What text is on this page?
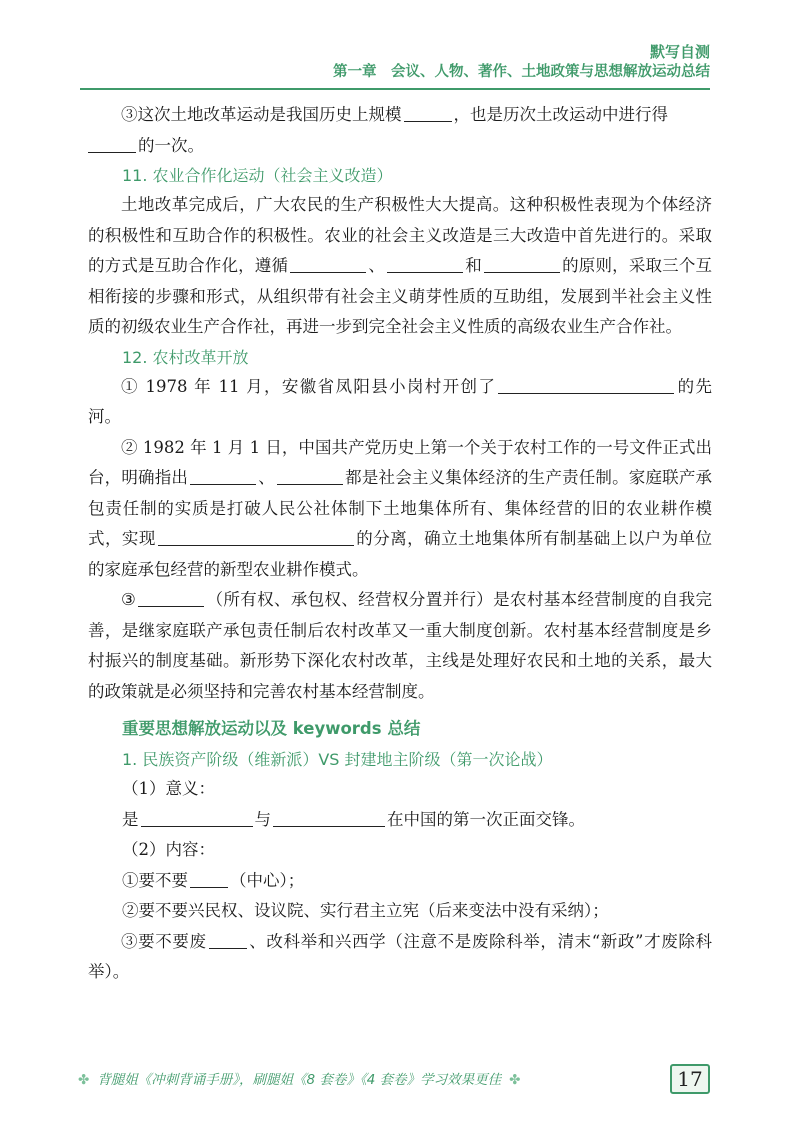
默写自测
第一章　会议、人物、著作、土地政策与思想解放运动总结

③这次土地改革运动是我国历史上规模	，也是历次土改运动中进行得
的一次。

11. 农业合作化运动（社会主义改造）

土地改革完成后，广大农民的生产积极性大大提高。这种积极性表现为个体经济的积极性和互助合作的积极性。农业的社会主义改造是三大改造中首先进行的。采取的方式是互助合作化，遵循	、	和	的原则，采取三个互相衔接的步骤和形式，从组织带有社会主义萌芽性质的互助组，发展到半社会主义性质的初级农业生产合作社，再进一步到完全社会主义性质的高级农业生产合作社。

12. 农村改革开放

① 1978 年 11 月，安徽省凤阳县小岗村开创了	的先河。

② 1982 年 1 月 1 日，中国共产党历史上第一个关于农村工作的一号文件正式出台，明确指出	、	都是社会主义集体经济的生产责任制。家庭联产承包责任制的实质是打破人民公社体制下土地集体所有、集体经营的旧的农业耕作模式，实现	的分离，确立土地集体所有制基础上以户为单位的家庭承包经营的新型农业耕作模式。

③	（所有权、承包权、经营权分置并行）是农村基本经营制度的自我完善，是继家庭联产承包责任制后农村改革又一重大制度创新。农村基本经营制度是乡村振兴的制度基础。新形势下深化农村改革，主线是处理好农民和土地的关系，最大的政策就是必须坚持和完善农村基本经营制度。

重要思想解放运动以及 keywords 总结
1. 民族资产阶级（维新派）VS 封建地主阶级（第一次论战）

（1）意义：

是	与	在中国的第一次正面交锋。

（2）内容：

①要不要	（中心）；

②要不要兴民权、设议院、实行君主立宪（后来变法中没有采纳）；

③要不要废	、改科举和兴西学（注意不是废除科举，清末“新政”才废除科举）。

✤ 背腿姐《冲刺背诵手册》，刷腿姐《8 套卷》《4 套卷》学习效果更佳 ✤	17
